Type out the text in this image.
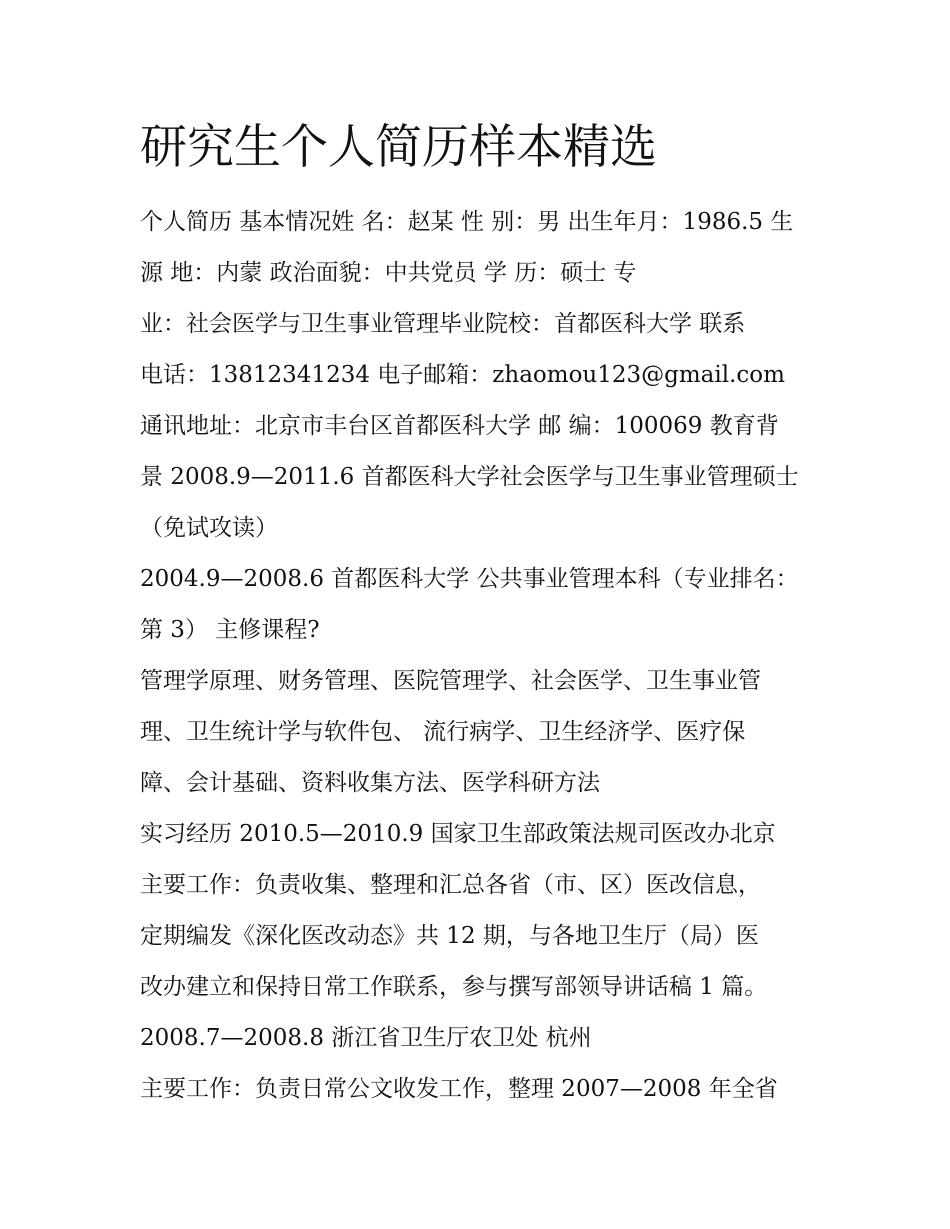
研究生个人简历样本精选
个人简历 基本情况姓 名：赵某 性 别：男 出生年月：1986.5 生
源 地：内蒙 政治面貌：中共党员 学 历：硕士 专
业：社会医学与卫生事业管理毕业院校：首都医科大学 联系
电话：13812341234 电子邮箱：zhaomou123@gmail.com
通讯地址：北京市丰台区首都医科大学 邮 编：100069 教育背
景 2008.9—2011.6 首都医科大学社会医学与卫生事业管理硕士
（免试攻读）
2004.9—2008.6 首都医科大学 公共事业管理本科（专业排名：
第 3） 主修课程?
管理学原理、财务管理、医院管理学、社会医学、卫生事业管
理、卫生统计学与软件包、 流行病学、卫生经济学、医疗保
障、会计基础、资料收集方法、医学科研方法
实习经历 2010.5—2010.9 国家卫生部政策法规司医改办北京
主要工作：负责收集、整理和汇总各省（市、区）医改信息，
定期编发《深化医改动态》共 12 期，与各地卫生厅（局）医
改办建立和保持日常工作联系，参与撰写部领导讲话稿 1 篇。
2008.7—2008.8 浙江省卫生厅农卫处 杭州
主要工作：负责日常公文收发工作，整理 2007—2008 年全省
